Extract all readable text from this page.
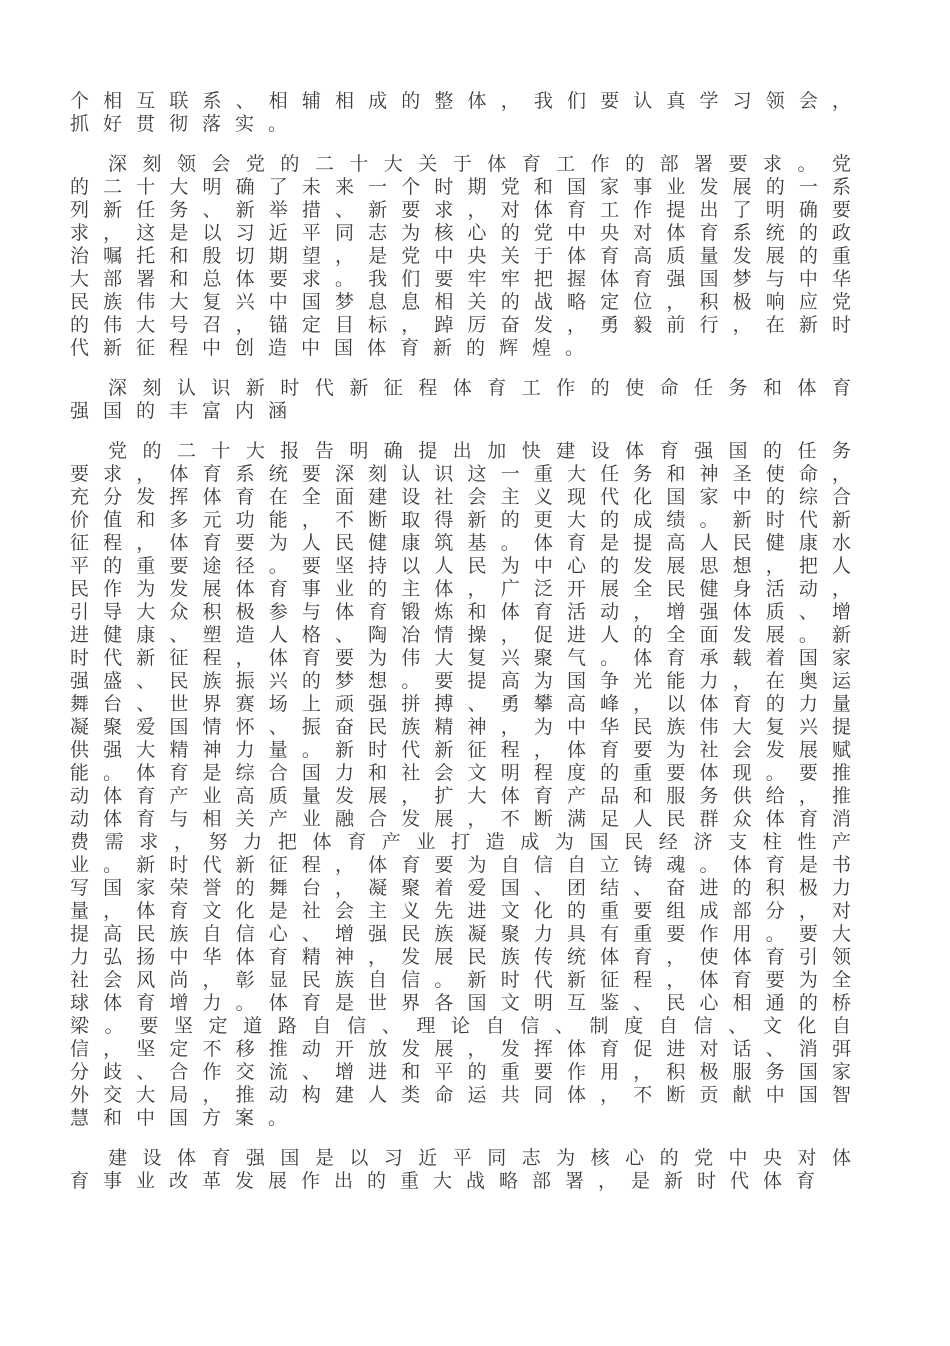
个相互联系、相辅相成的整体，我们要认真学习领会，抓好贯彻落实。

深刻领会党的二十大关于体育工作的部署要求。党的二十大明确了未来一个时期党和国家事业发展的一系列新任务、新举措、新要求，对体育工作提出了明确要求，这是以习近平同志为核心的党中央对体育系统的政治嘱托和殷切期望，是党中央关于体育高质量发展的重大部署和总体要求。我们要牢牢把握体育强国梦与中华民族伟大复兴中国梦息息相关的战略定位，积极响应党的伟大号召，锚定目标，踔厉奋发，勇毅前行，在新时代新征程中创造中国体育新的辉煌。

深刻认识新时代新征程体育工作的使命任务和体育强国的丰富内涵

党的二十大报告明确提出加快建设体育强国的任务要求，体育系统要深刻认识这一重大任务和神圣使命，充分发挥体育在全面建设社会主义现代化国家中的综合价值和多元功能，不断取得新的更大的成绩。新时代新征程，体育要为人民健康筑基。体育是提高人民健康水平的重要途径。要坚持以人民为中心的发展思想，把人民作为发展体育事业的主体，广泛开展全民健身活动，引导大众积极参与体育锻炼和体育活动，增强体质、增进健康、塑造人格、陶冶情操，促进人的全面发展。新时代新征程，体育要为伟大复兴聚气。体育承载着国家强盛、民族振兴的梦想。要提高为国争光能力，在奥运舞台、世界赛场上顽强拼搏、勇攀高峰，以体育的力量凝聚爱国情怀、振奋民族精神，为中华民族伟大复兴提供强大精神力量。新时代新征程，体育要为社会发展赋能。体育是综合国力和社会文明程度的重要体现。要推动体育产业高质量发展，扩大体育产品和服务供给，推动体育与相关产业融合发展，不断满足人民群众体育消费需求，努力把体育产业打造成为国民经济支柱性产业。新时代新征程，体育要为自信自立铸魂。体育是书写国家荣誉的舞台，凝聚着爱国、团结、奋进的积极力量，体育文化是社会主义先进文化的重要组成部分，对提高民族自信心、增强民族凝聚力具有重要作用。要大力弘扬中华体育精神，发展民族传统体育，使体育引领社会风尚，彰显民族自信。新时代新征程，体育要为全球体育增力。体育是世界各国文明互鉴、民心相通的桥梁。要坚定道路自信、理论自信、制度自信、文化自信，坚定不移推动开放发展，发挥体育促进对话、消弭分歧、合作交流、增进和平的重要作用，积极服务国家外交大局，推动构建人类命运共同体，不断贡献中国智慧和中国方案。

建设体育强国是以习近平同志为核心的党中央对体育事业改革发展作出的重大战略部署，是新时代体育
